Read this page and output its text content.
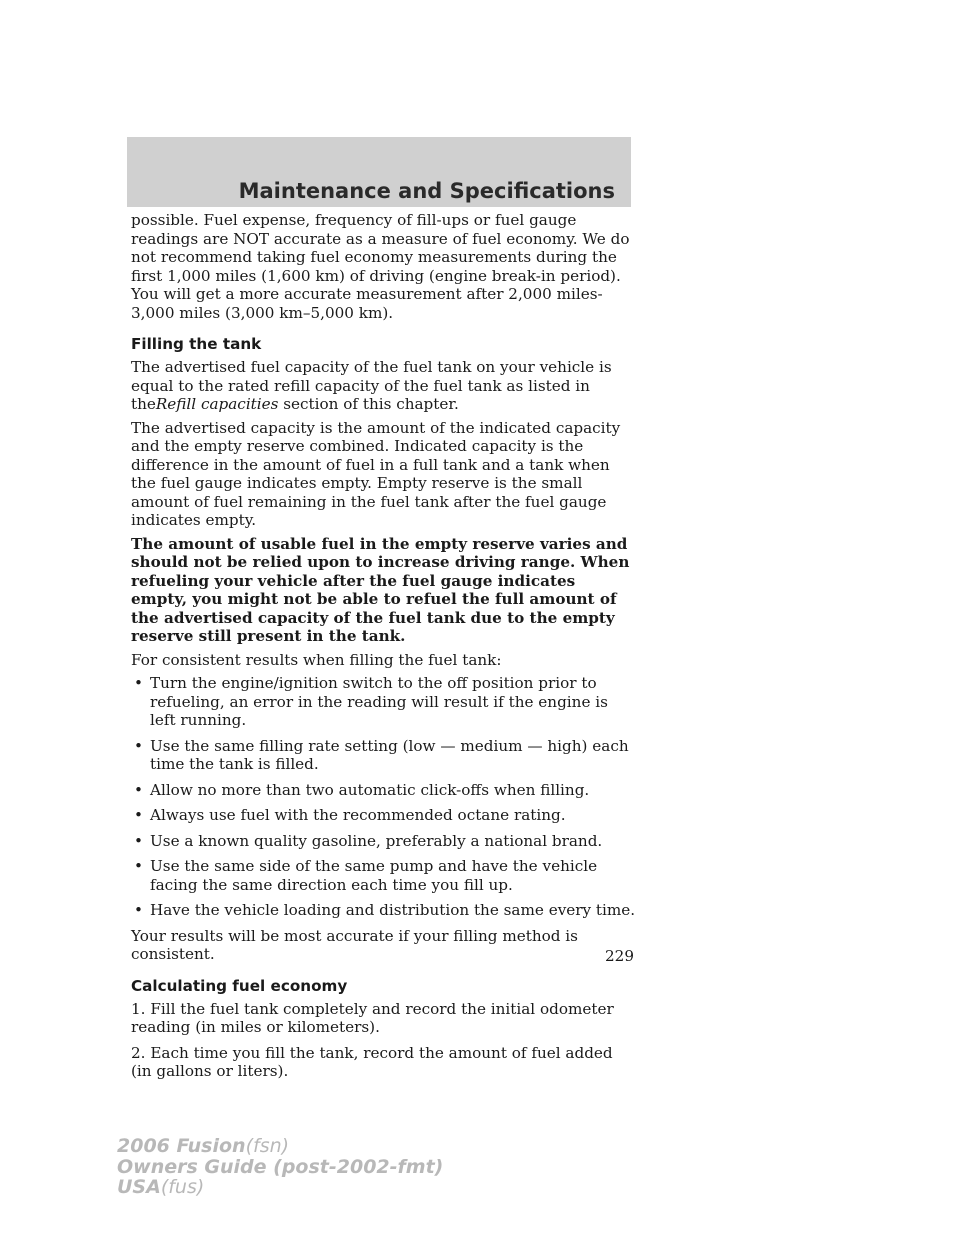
Maintenance and Specifications

possible. Fuel expense, frequency of fill-ups or fuel gauge readings are NOT accurate as a measure of fuel economy. We do not recommend taking fuel economy measurements during the first 1,000 miles (1,600 km) of driving (engine break-in period). You will get a more accurate measurement after 2,000 miles-3,000 miles (3,000 km–5,000 km).

Filling the tank

The advertised fuel capacity of the fuel tank on your vehicle is equal to the rated refill capacity of the fuel tank as listed in theRefill capacities section of this chapter.

The advertised capacity is the amount of the indicated capacity and the empty reserve combined. Indicated capacity is the difference in the amount of fuel in a full tank and a tank when the fuel gauge indicates empty. Empty reserve is the small amount of fuel remaining in the fuel tank after the fuel gauge indicates empty.

The amount of usable fuel in the empty reserve varies and should not be relied upon to increase driving range. When refueling your vehicle after the fuel gauge indicates empty, you might not be able to refuel the full amount of the advertised capacity of the fuel tank due to the empty reserve still present in the tank.

For consistent results when filling the fuel tank:

• Turn the engine/ignition switch to the off position prior to refueling, an error in the reading will result if the engine is left running.
• Use the same filling rate setting (low — medium — high) each time the tank is filled.
• Allow no more than two automatic click-offs when filling.
• Always use fuel with the recommended octane rating.
• Use a known quality gasoline, preferably a national brand.
• Use the same side of the same pump and have the vehicle facing the same direction each time you fill up.
• Have the vehicle loading and distribution the same every time.

Your results will be most accurate if your filling method is consistent.

Calculating fuel economy

1. Fill the fuel tank completely and record the initial odometer reading (in miles or kilometers).

2. Each time you fill the tank, record the amount of fuel added (in gallons or liters).

229
2006 Fusion(fsn)
Owners Guide (post-2002-fmt)
USA(fus)
